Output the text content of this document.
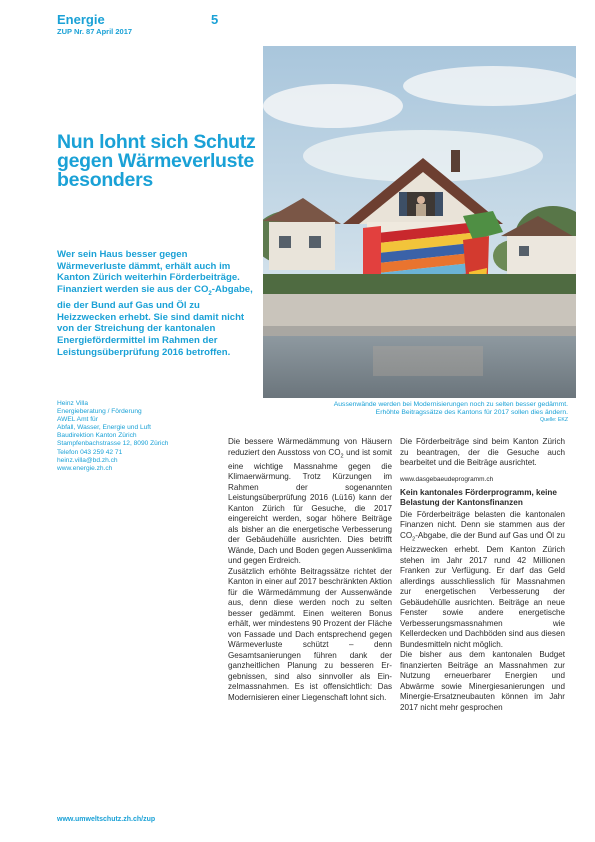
Energie	5
ZUP Nr. 87 April 2017
Nun lohnt sich Schutz gegen Wärmeverluste besonders

Wer sein Haus besser gegen Wärmeverluste dämmt, erhält auch im Kanton Zürich weiterhin Förderbeiträge. Finanziert werden sie aus der $CO_2$-Abgabe, die der Bund auf Gas und Öl zu Heizzwecken erhebt. Sie sind damit nicht von der Streichung der kantonalen Energiefördermittel im Rahmen der Leistungsüberprüfung 2016 betroffen.

Heinz Villa
Energieberatung / Förderung
AWEL Amt für
Abfall, Wasser, Energie und Luft
Baudirektion Kanton Zürich
Stampfenbachstrasse 12, 8090 Zürich
Telefon 043 259 42 71
heinz.villa@bd.zh.ch
www.energie.zh.ch
Aussenwände werden bei Modernisierungen noch zu selten besser gedämmt.
Erhöhte Beitragssätze des Kantons für 2017 sollen dies ändern.
Quelle: EKZ

Die bessere Wärmedämmung von Häusern reduziert den Ausstoss von $CO_2$ und ist somit eine wichtige Massnahme gegen die Klimaerwärmung. Trotz Kürzungen im Rahmen der sogenannten Leistungsüberprüfung 2016 (Lü16) kann der Kanton Zürich für Gesuche, die 2017 eingereicht werden, sogar höhere Beiträge als bisher an die energetische Verbesserung der Gebäudehülle ausrichten. Dies betrifft Wände, Dach und Boden gegen Aussenklima und gegen Erdreich.

Zusätzlich erhöhte Beitragssätze richtet der Kanton in einer auf 2017 beschränkten Aktion für die Wärmedämmung der Aussenwände aus, denn diese werden noch zu selten besser gedämmt. Einen weiteren Bonus erhält, wer mindestens 90 Prozent der Fläche von Fassade und Dach entsprechend gegen Wärmeverluste schützt – denn Gesamtsanierungen führen dank der ganzheitlichen Planung zu besseren Ergebnissen, sind also sinnvoller als Einzelmassnahmen. Es ist offensichtlich: Das Modernisieren einer Liegenschaft lohnt sich.

Die Förderbeiträge sind beim Kanton Zürich zu beantragen, der die Gesuche auch bearbeitet und die Beiträge ausrichtet.

www.dasgebaeudeprogramm.ch

Kein kantonales Förderprogramm, keine Belastung der Kantonsfinanzen

Die Förderbeiträge belasten die kantonalen Finanzen nicht. Denn sie stammen aus der $CO_2$-Abgabe, die der Bund auf Gas und Öl zu Heizzwecken erhebt. Dem Kanton Zürich stehen im Jahr 2017 rund 42 Millionen Franken zur Verfügung. Er darf das Geld allerdings ausschliesslich für Massnahmen zur energetischen Verbesserung der Gebäudehülle ausrichten. Beiträge an neue Fenster sowie andere energetische Verbesserungsmassnahmen wie Kellerdecken und Dachböden sind aus diesen Bundesmitteln nicht möglich.

Die bisher aus dem kantonalen Budget finanzierten Beiträge an Massnahmen zur Nutzung erneuerbarer Energien und Abwärme sowie Minergiesanierungen und Minergie-Ersatzneubauten können im Jahr 2017 nicht mehr gesprochen

www.umweltschutz.zh.ch/zup
